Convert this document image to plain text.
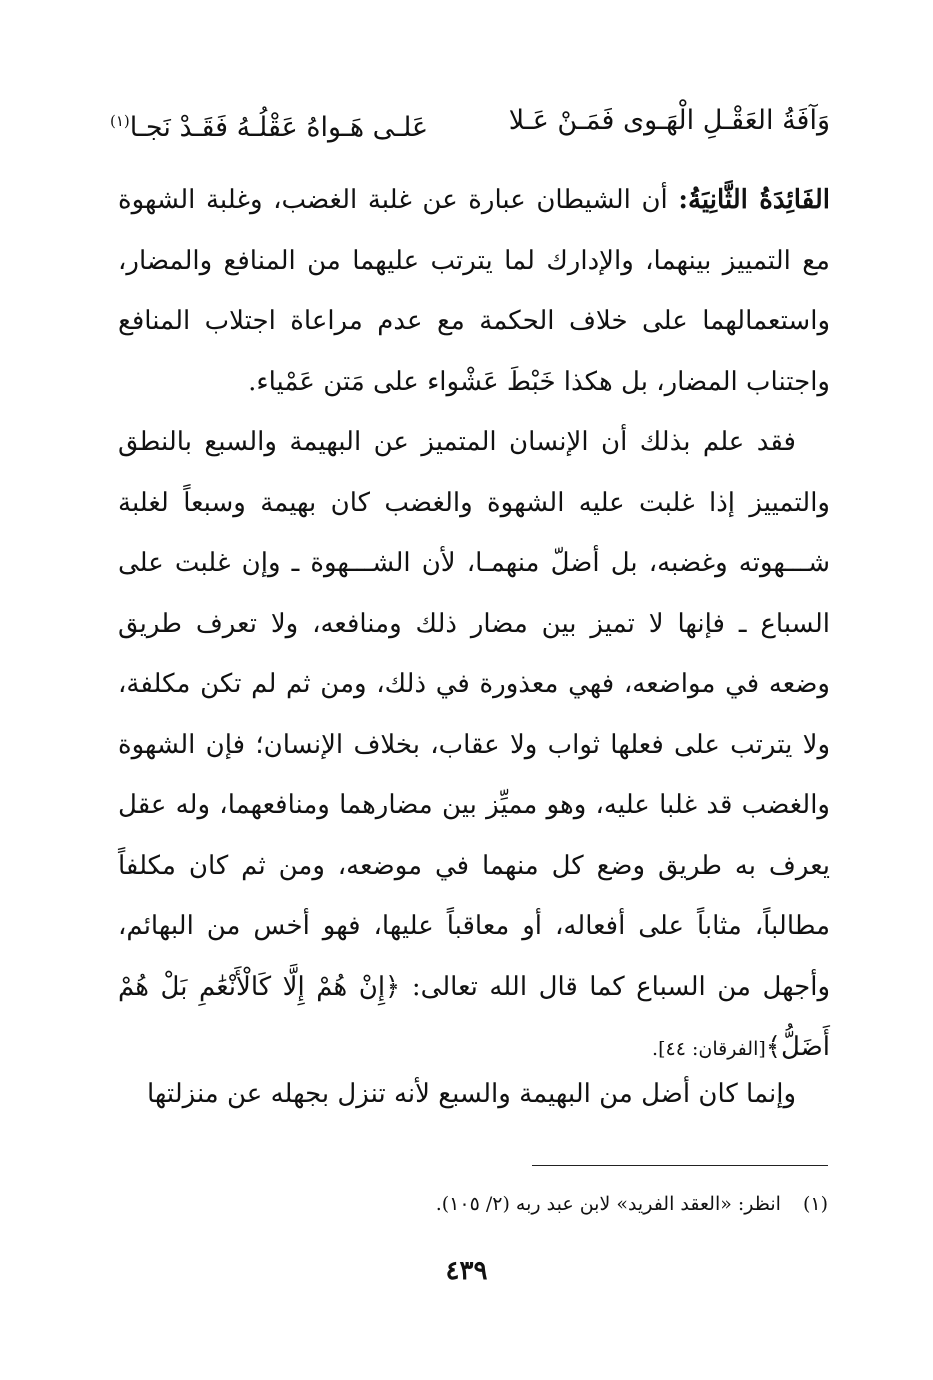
وَآفَةُ العَقْـلِ الْهَـوى فَمَـنْ عَـلا
عَلـى هَـواهُ عَقْلُـهُ فَقَـدْ نَجـا$^{(١)}$
الفَائِدَةُ الثَّانِيَةُ: أن الشيطان عبارة عن غلبة الغضب، وغلبة الشهوة مع التمييز بينهما، والإدارك لما يترتب عليهما من المنافع والمضار، واستعمالهما على خلاف الحكمة مع عدم مراعاة اجتلاب المنافع واجتناب المضار، بل هكذا خَبْطَ عَشْواء على مَتن عَمْياء.
فقد علم بذلك أن الإنسان المتميز عن البهيمة والسبع بالنطق والتمييز إذا غلبت عليه الشهوة والغضب كان بهيمة وسبعاً لغلبة شـــهوته وغضبه، بل أضلّ منهمـا، لأن الشـــهوة ـ وإن غلبت على السباع ـ فإنها لا تميز بين مضار ذلك ومنافعه، ولا تعرف طريق وضعه في مواضعه، فهي معذورة في ذلك، ومن ثم لم تكن مكلفة، ولا يترتب على فعلها ثواب ولا عقاب، بخلاف الإنسان؛ فإن الشهوة والغضب قد غلبا عليه، وهو مميِّز بين مضارهما ومنافعهما، وله عقل يعرف به طريق وضع كل منهما في موضعه، ومن ثم كان مكلفاً مطالباً، مثاباً على أفعاله، أو معاقباً عليها، فهو أخس من البهائم، وأجهل من السباع كما قال الله تعالى: ﴿إِنْ هُمْ إِلَّا كَالْأَنْعَٰمِ بَلْ هُمْ أَضَلُّ﴾[الفرقان: ٤٤].
وإنما كان أضل من البهيمة والسبع لأنه تنزل بجهله عن منزلتها
(١)انظر: «العقد الفريد» لابن عبد ربه (٢/ ١٠٥).
٤٣٩
